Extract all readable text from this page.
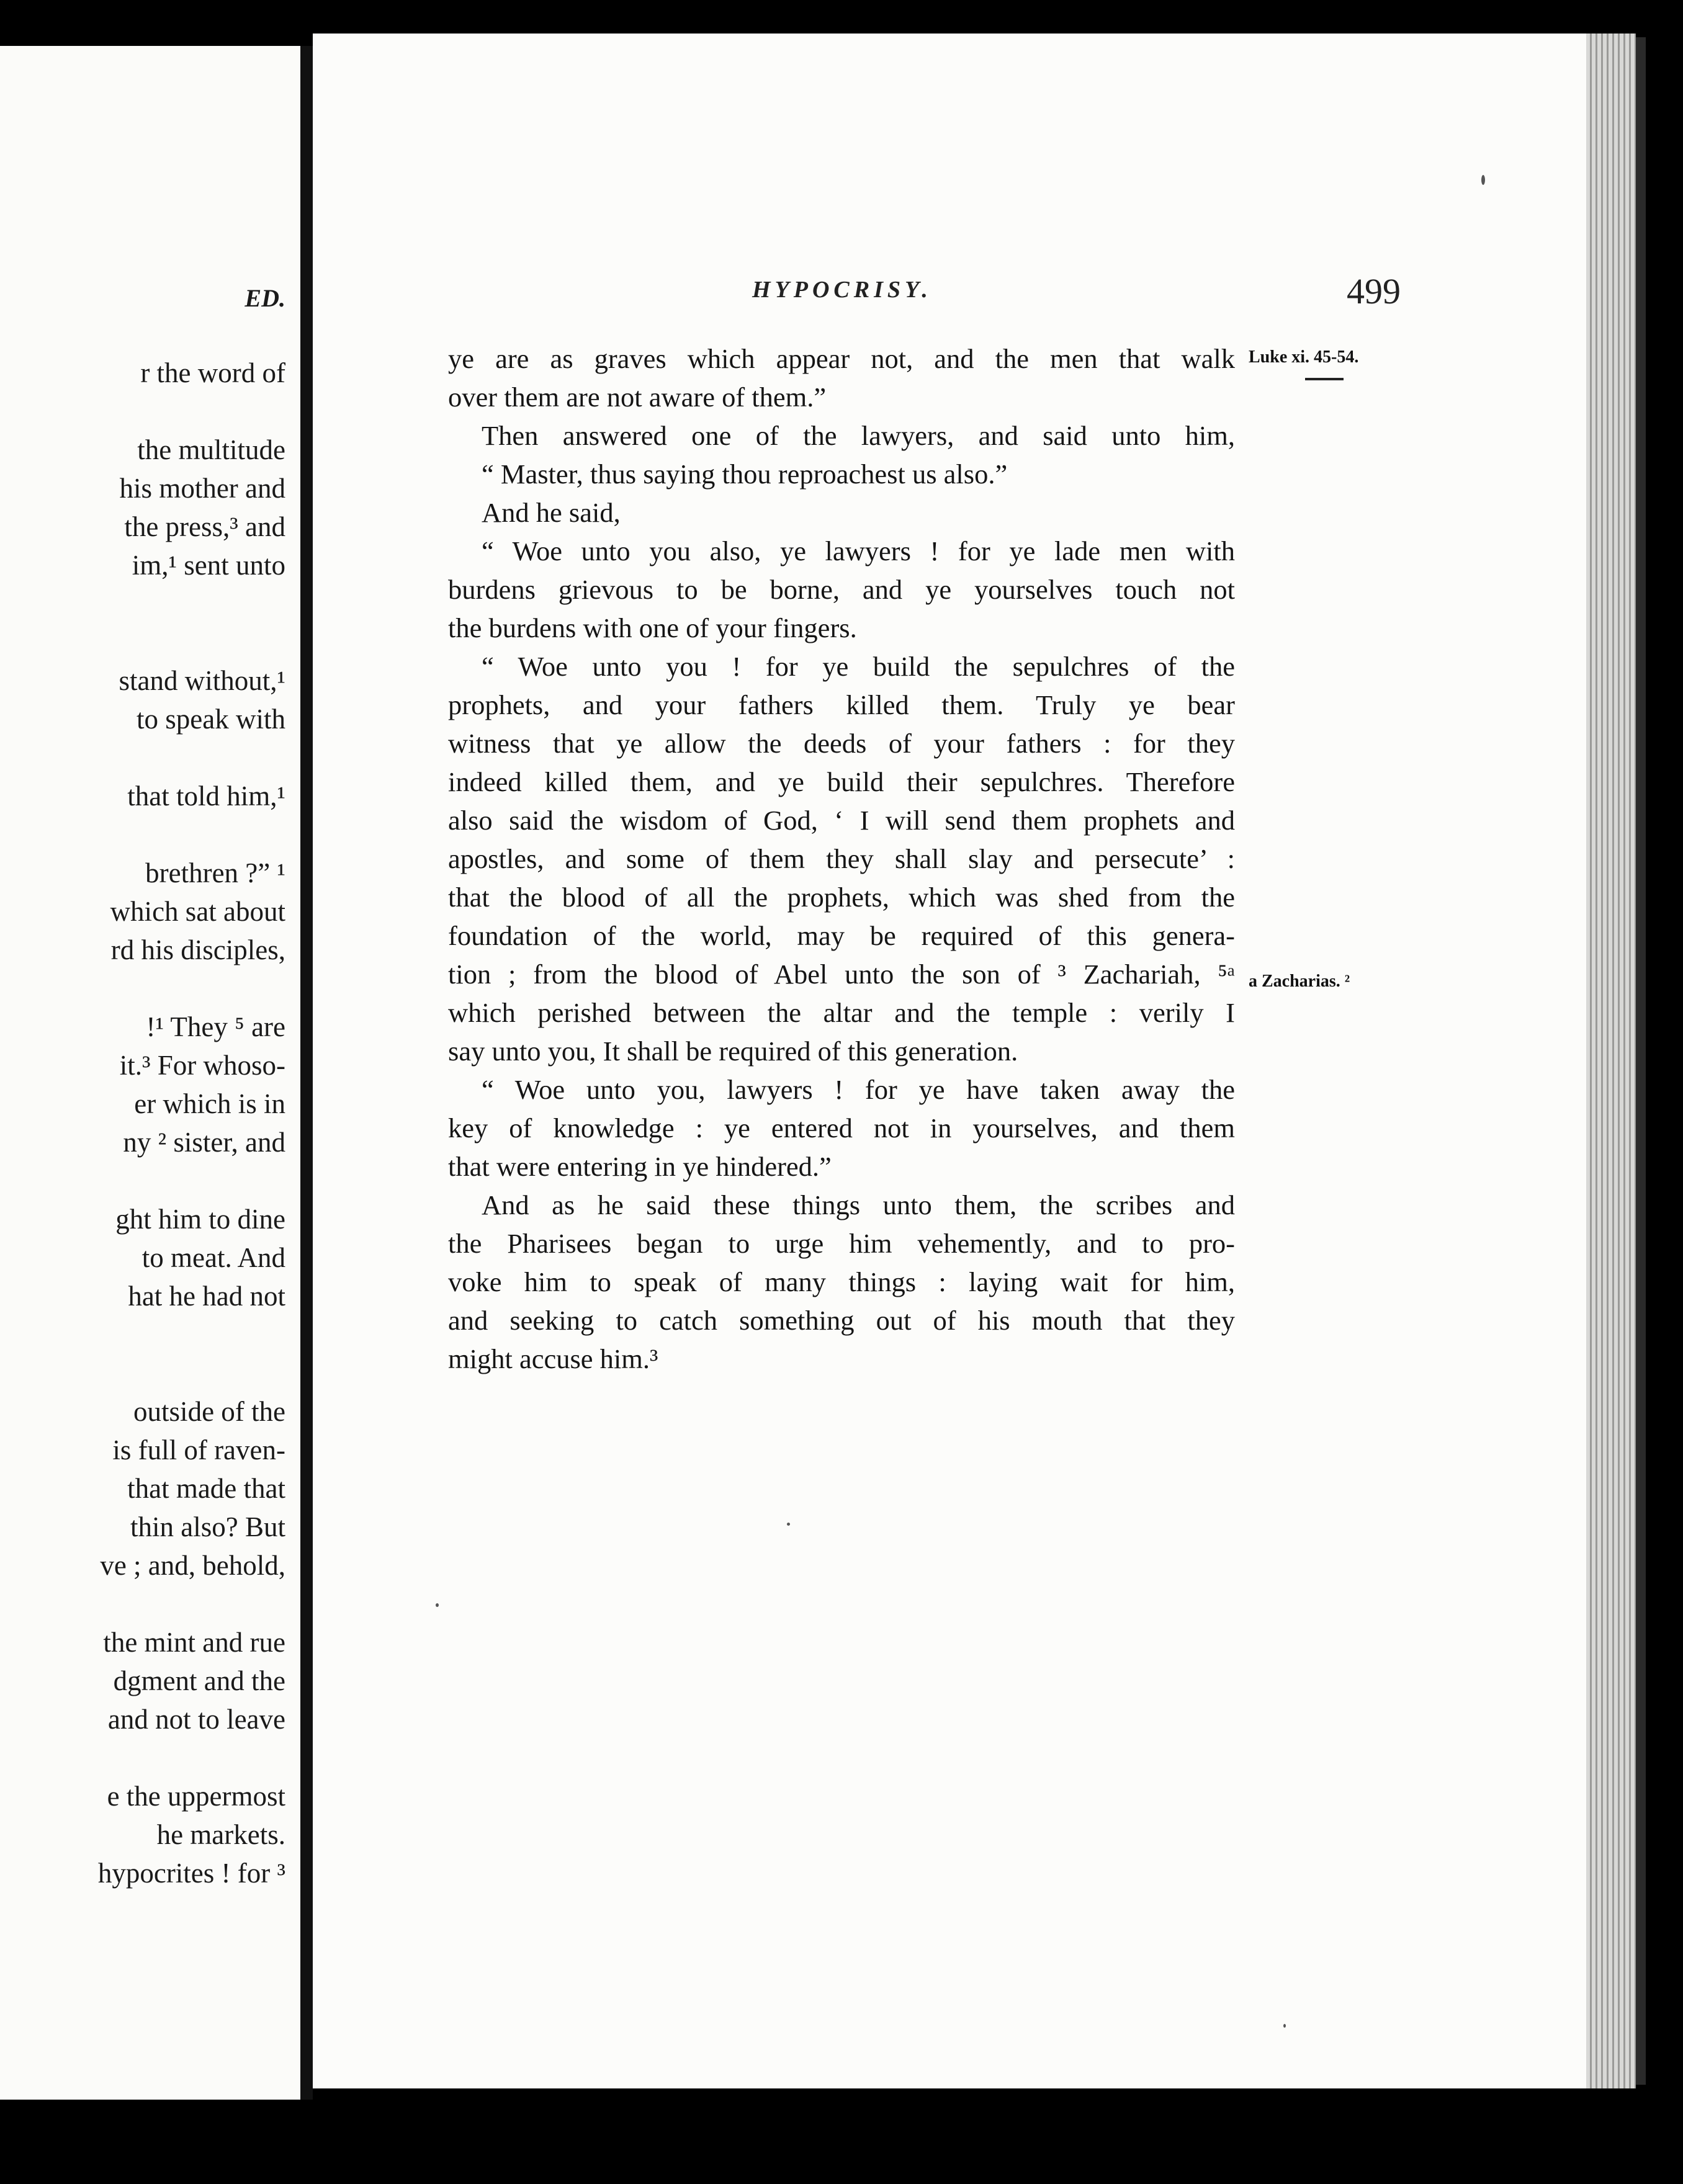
ED.
r the word of
the multitude
his mother and
the press,³ and
im,¹ sent unto
stand without,¹
to speak with
that told him,¹
brethren ?” ¹
which sat about
rd his disciples,
!¹ They ⁵ are
it.³ For whoso-
er which is in
ny ² sister, and
ght him to dine
to meat. And
hat he had not
outside of the
is full of raven-
that made that
thin also? But
ve ; and, behold,
the mint and rue
dgment and the
and not to leave
e the uppermost
he markets.
hypocrites ! for ³
HYPOCRISY.	499
ye are as graves which appear not, and the men that walk
over them are not aware of them.”
Then answered one of the lawyers, and said unto him,
“ Master, thus saying thou reproachest us also.”
And he said,
“ Woe unto you also, ye lawyers ! for ye lade men with
burdens grievous to be borne, and ye yourselves touch not
the burdens with one of your fingers.
“ Woe unto you ! for ye build the sepulchres of the
prophets, and your fathers killed them. Truly ye bear
witness that ye allow the deeds of your fathers : for they
indeed killed them, and ye build their sepulchres. Therefore
also said the wisdom of God, ‘ I will send them prophets and
apostles, and some of them they shall slay and persecute’ :
that the blood of all the prophets, which was shed from the
foundation of the world, may be required of this genera-
tion ; from the blood of Abel unto the son of ³ Zachariah, ⁵ᵃ
which perished between the altar and the temple : verily I
say unto you, It shall be required of this generation.
“ Woe unto you, lawyers ! for ye have taken away the
key of knowledge : ye entered not in yourselves, and them
that were entering in ye hindered.”
And as he said these things unto them, the scribes and
the Pharisees began to urge him vehemently, and to pro-
voke him to speak of many things : laying wait for him,
and seeking to catch something out of his mouth that they
might accuse him.³
Luke xi. 45-54.
a Zacharias. ²
